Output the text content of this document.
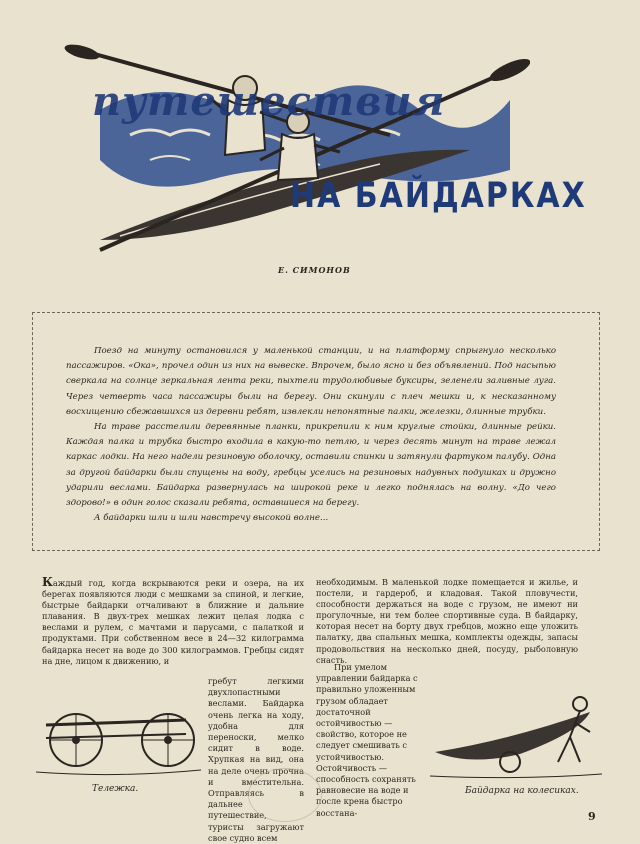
путешествия
НА БАЙДАРКАХ
Е. СИМОНОВ

Поезд на минуту остановился у маленькой станции, и на платформу спрыгнуло несколько пассажиров. «Ока», прочел один из них на вывеске. Впрочем, было ясно и без объявлений. Под насыпью сверкала на солнце зеркальная лента реки, пыхтели трудолюбивые буксиры, зеленели заливные луга. Через четверть часа пассажиры были на берегу. Они скинули с плеч мешки и, к несказанному восхищению сбежавшихся из деревни ребят, извлекли непонятные палки, железки, длинные трубки.

На траве расстелили деревянные планки, прикрепили к ним круглые стойки, длинные рейки. Каждая палка и трубка быстро входила в какую-то петлю, и через десять минут на траве лежал каркас лодки. На него надели резиновую оболочку, оставили спинки и затянули фартуком палубу. Одна за другой байдарки были спущены на воду, гребцы уселись на резиновых надувных подушках и дружно ударили веслами. Байдарка развернулась на широкой реке и легко поднялась на волну. «До чего здорово!» в один голос сказали ребята, оставшиеся на берегу.

А байдарки шли и шли навстречу высокой волне...

Каждый год, когда вскрываются реки и озера, на их берегах появляются люди с мешками за спиной, и легкие, быстрые байдарки отчаливают в ближние и дальние плавания. В двух-трех мешках лежит целая лодка с веслами и рулем, с мачтами и парусами, с палаткой и продуктами. При собственном весе в 24—32 килограмма байдарка несет на воде до 300 килограммов. Гребцы сидят на дне, лицом к движению, и

гребут легкими двухлопастными веслами. Байдарка очень легка на ходу, удобна для переноски, мелко сидит в воде. Хрупкая на вид, она на деле очень прочна и вместительна. Отправляясь в дальнее путешествие, туристы загружают свое судно всем

необходимым. В маленькой лодке помещается и жилье, и постели, и гардероб, и кладовая. Такой пловучести, способности держаться на воде с грузом, не имеют ни прогулочные, ни тем более спортивные суда. В байдарку, которая несет на борту двух гребцов, можно еще уложить палатку, два спальных мешка, комплекты одежды, запасы продовольствия на несколько дней, посуду, рыболовную снасть.

При умелом управлении байдарка с правильно уложенным грузом обладает достаточной остойчивостью — свойство, которое не следует смешивать с устойчивостью. Остойчивость — способность сохранять равновесие на воде и после крена быстро восстана-

Тележка.	Байдарка на колесиках.
9
